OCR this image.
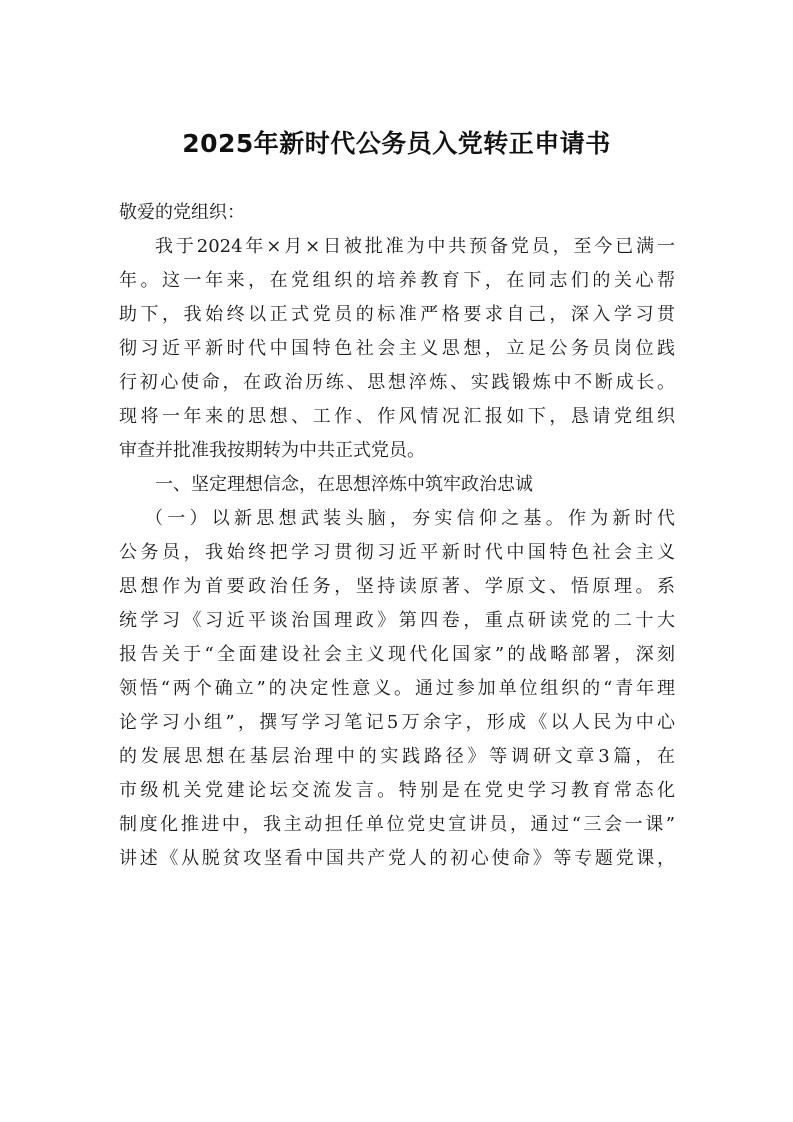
2025年新时代公务员入党转正申请书
敬爱的党组织：
我于2024年×月×日被批准为中共预备党员，至今已满一
年。这一年来，在党组织的培养教育下，在同志们的关心帮
助下，我始终以正式党员的标准严格要求自己，深入学习贯
彻习近平新时代中国特色社会主义思想，立足公务员岗位践
行初心使命，在政治历练、思想淬炼、实践锻炼中不断成长。
现将一年来的思想、工作、作风情况汇报如下，恳请党组织
审查并批准我按期转为中共正式党员。
一、坚定理想信念，在思想淬炼中筑牢政治忠诚
（一）以新思想武装头脑，夯实信仰之基。作为新时代
公务员，我始终把学习贯彻习近平新时代中国特色社会主义
思想作为首要政治任务，坚持读原著、学原文、悟原理。系
统学习《习近平谈治国理政》第四卷，重点研读党的二十大
报告关于“全面建设社会主义现代化国家”的战略部署，深刻
领悟“两个确立”的决定性意义。通过参加单位组织的“青年理
论学习小组”，撰写学习笔记5万余字，形成《以人民为中心
的发展思想在基层治理中的实践路径》等调研文章3篇，在
市级机关党建论坛交流发言。特别是在党史学习教育常态化
制度化推进中，我主动担任单位党史宣讲员，通过“三会一课”
讲述《从脱贫攻坚看中国共产党人的初心使命》等专题党课，
